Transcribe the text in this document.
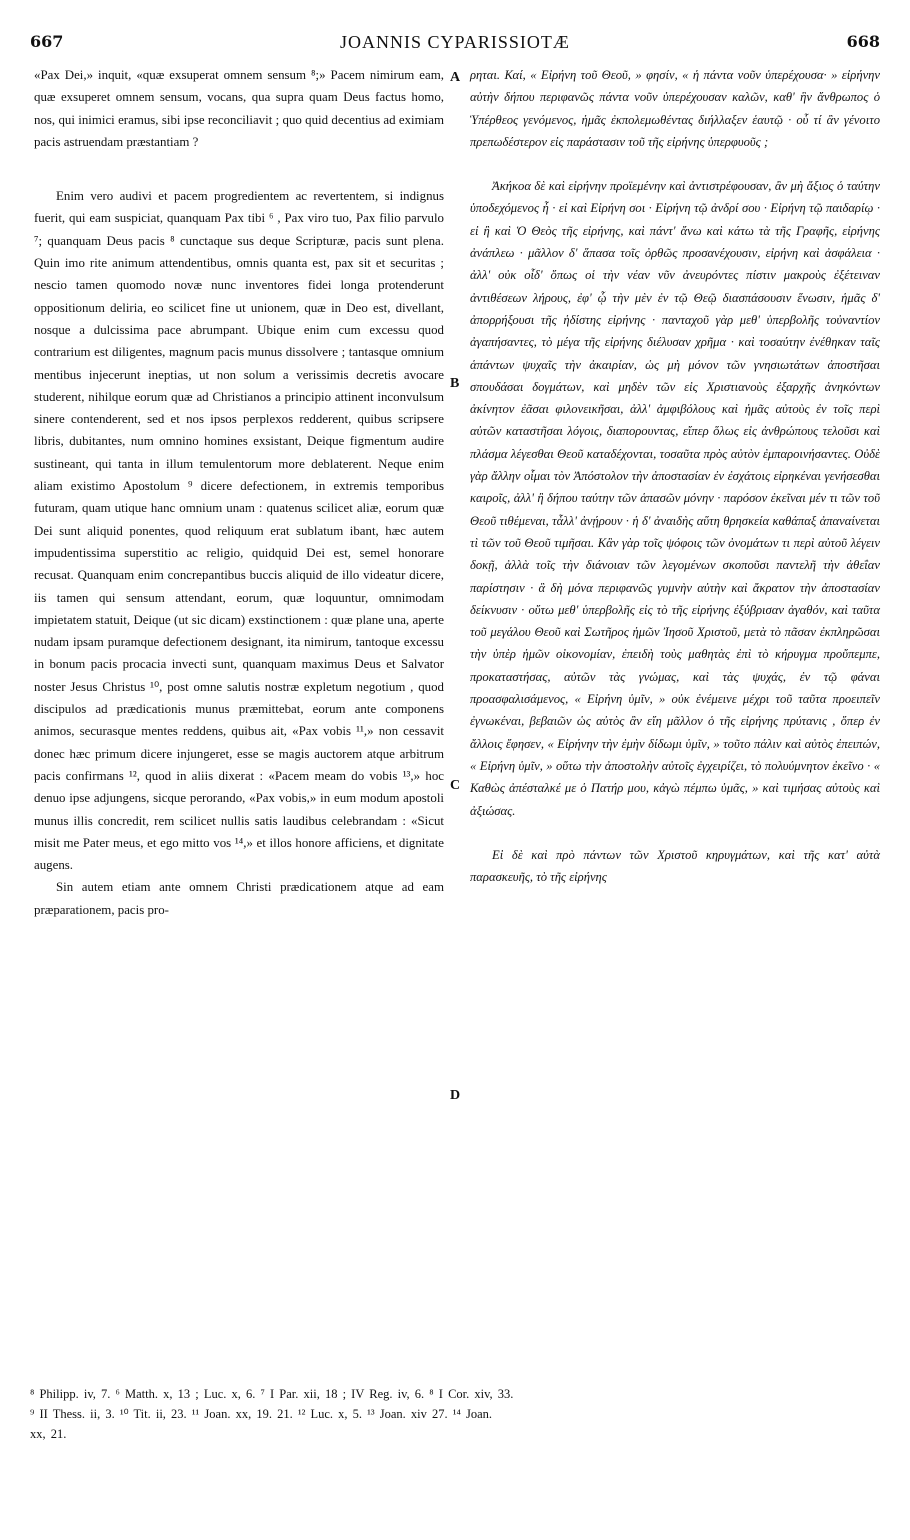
667	JOANNIS CYPARISSIOTÆ	668

«Pax Dei,» inquit, «quæ exsuperat omnem sensum ⁸;» Pacem nimirum eam, quæ exsuperet omnem sensum, vocans, qua supra quam Deus factus homo, nos, qui inimici eramus, sibi ipse reconciliavit ; quo quid decentius ad eximiam pacis astruendam præstantiam ?

Enim vero audivi et pacem progredientem ac revertentem, si indignus fuerit, qui eam suspiciat, quanquam Pax tibi ⁶ , Pax viro tuo, Pax filio parvulo ⁷; quanquam Deus pacis ⁸ cunctaque sus deque Scripturæ, pacis sunt plena. Quin imo rite animum attendentibus, omnis quanta est, pax sit et securitas ; nescio tamen quomodo novæ nunc inventores fidei longa protenderunt oppositionum deliria, eo scilicet fine ut unionem, quæ in Deo est, divellant, nosque a dulcissima pace abrumpant. Ubique enim cum excessu quod contrarium est diligentes, magnum pacis munus dissolvere ; tantasque omnium mentibus injecerunt ineptias, ut non solum a verissimis decretis avocare studerent, nihilque eorum quæ ad Christianos a principio attinent inconvulsum sinere contenderent, sed et nos ipsos perplexos redderent, quibus scripsere libris, dubitantes, num omnino homines exsistant, Deique figmentum audire sustineant, qui tanta in illum temulentorum more deblaterent. Neque enim aliam existimo Apostolum ⁹ dicere defectionem, in extremis temporibus futuram, quam utique hanc omnium unam : quatenus scilicet aliæ, eorum quæ Dei sunt aliquid ponentes, quod reliquum erat sublatum ibant, hæc autem impudentissima superstitio ac religio, quidquid Dei est, semel honorare recusat. Quanquam enim concrepantibus buccis aliquid de illo videatur dicere, iis tamen qui sensum attendant, eorum, quæ loquuntur, omnimodam impietatem statuit, Deique (ut sic dicam) exstinctionem : quæ plane una, aperte nudam ipsam puramque defectionem designant, ita nimirum, tantoque excessu in bonum pacis procacia invecti sunt, quanquam maximus Deus et Salvator noster Jesus Christus ¹⁰, post omne salutis nostræ expletum negotium , quod discipulos ad prædicationis munus præmittebat, eorum ante componens animos, securasque mentes reddens, quibus ait, «Pax vobis ¹¹,» non cessavit donec hæc primum dicere injungeret, esse se magis auctorem atque arbitrum pacis confirmans ¹², quod in aliis dixerat : «Pacem meam do vobis ¹³,» hoc denuo ipse adjungens, sicque perorando, «Pax vobis,» in eum modum apostoli munus illis concredit, rem scilicet nullis satis laudibus celebrandam : «Sicut misit me Pater meus, et ego mitto vos ¹⁴,» et illos honore afficiens, et dignitate augens.

Sin autem etiam ante omnem Christi prædicationem atque ad eam præparationem, pacis pro-

A
B
C
D

ρηται. Καί, « Εἰρήνη τοῦ Θεοῦ, » φησίν, « ἡ πάντα νοῦν ὑπερέχουσα· » εἰρήνην αὐτὴν δήπου περιφανῶς πάντα νοῦν ὑπερέχουσαν καλῶν, καθ' ἣν ἄνθρωπος ὁ Ὑπέρθεος γενόμενος, ἡμᾶς ἐκπολεμωθέντας διήλλαξεν ἑαυτῷ · οὗ τί ἂν γένοιτο πρεπωδέστερον εἰς παράστασιν τοῦ τῆς εἰρήνης ὑπερφυοῦς ;

Ἀκήκοα δὲ καὶ εἰρήνην προϊεμένην καὶ ἀντιστρέφουσαν, ἂν μὴ ἄξιος ὁ ταύτην ὑποδεχόμενος ἦ · εἰ καὶ Εἰρήνη σοι · Εἰρήνη τῷ ἀνδρί σου · Εἰρήνη τῷ παιδαρίῳ · εἰ ἢ καὶ Ὁ Θεὸς τῆς εἰρήνης, καὶ πάντ' ἄνω καὶ κάτω τὰ τῆς Γραφῆς, εἰρήνης ἀνάπλεω · μᾶλλον δ' ἅπασα τοῖς ὀρθῶς προσανέχουσιν, εἰρήνη καὶ ἀσφάλεια · ἀλλ' οὐκ οἶδ' ὅπως οἱ τὴν νέαν νῦν ἀνευρόντες πίστιν μακροὺς ἐξέτειναν ἀντιθέσεων λήρους, ἐφ' ᾧ τὴν μὲν ἐν τῷ Θεῷ διασπάσουσιν ἕνωσιν, ἡμᾶς δ' ἀπορρήξουσι τῆς ἡδίστης εἰρήνης · πανταχοῦ γὰρ μεθ' ὑπερβολῆς τοὐναντίον ἀγαπήσαντες, τὸ μέγα τῆς εἰρήνης διέλυσαν χρῆμα · καὶ τοσαύτην ἐνέθηκαν ταῖς ἁπάντων ψυχαῖς τὴν ἀκαιρίαν, ὡς μὴ μόνον τῶν γνησιωτάτων ἀποστῆσαι σπουδάσαι δογμάτων, καὶ μηδὲν τῶν εἰς Χριστιανοὺς ἐξαρχῆς ἀνηκόντων ἀκίνητον ἐᾶσαι φιλονεικῆσαι, ἀλλ' ἀμφιβόλους καὶ ἡμᾶς αὐτοὺς ἐν τοῖς περὶ αὐτῶν καταστῆσαι λόγοις, διαπορουντας, εἴπερ ὅλως εἰς ἀνθρώπους τελοῦσι καὶ πλάσμα λέγεσθαι Θεοῦ καταδέχονται, τοσαῦτα πρὸς αὐτὸν ἐμπαροινήσαντες. Οὐδὲ γὰρ ἄλλην οἶμαι τὸν Ἀπόστολον τὴν ἀποστασίαν ἐν ἐσχάτοις εἰρηκέναι γενήσεσθαι καιροῖς, ἀλλ' ἢ δήπου ταύτην τῶν ἁπασῶν μόνην · παρόσον ἐκεῖναι μέν τι τῶν τοῦ Θεοῦ τιθέμεναι, τἆλλ' ἀνῄρουν · ἡ δ' ἀναιδὴς αὕτη θρησκεία καθάπαξ ἀπαναίνεται τὶ τῶν τοῦ Θεοῦ τιμῆσαι. Κἂν γὰρ τοῖς ψόφοις τῶν ὀνομάτων τι περὶ αὐτοῦ λέγειν δοκῇ, ἀλλὰ τοῖς τὴν διάνοιαν τῶν λεγομένων σκοποῦσι παντελῆ τὴν ἀθεΐαν παρίστησιν · ἃ δὴ μόνα περιφανῶς γυμνὴν αὐτὴν καὶ ἄκρατον τὴν ἀποστασίαν δείκνυσιν · οὕτω μεθ' ὑπερβολῆς εἰς τὸ τῆς εἰρήνης ἐξύβρισαν ἀγαθόν, καὶ ταῦτα τοῦ μεγάλου Θεοῦ καὶ Σωτῆρος ἡμῶν Ἰησοῦ Χριστοῦ, μετὰ τὸ πᾶσαν ἐκπληρῶσαι τὴν ὑπὲρ ἡμῶν οἰκονομίαν, ἐπειδὴ τοὺς μαθητὰς ἐπὶ τὸ κήρυγμα προὔπεμπε, προκαταστήσας, αὐτῶν τὰς γνώμας, καὶ τὰς ψυχάς, ἐν τῷ φάναι προασφαλισάμενος, « Εἰρήνη ὑμῖν, » οὐκ ἐνέμεινε μέχρι τοῦ ταῦτα προειπεῖν ἐγνωκέναι, βεβαιῶν ὡς αὐτὸς ἂν εἴη μᾶλλον ὁ τῆς εἰρήνης πρύτανις , ὅπερ ἐν ἄλλοις ἔφησεν, « Εἰρήνην τὴν ἐμὴν δίδωμι ὑμῖν, » τοῦτο πάλιν καὶ αὐτὸς ἐπειπών, « Εἰρήνη ὑμῖν, » οὕτω τὴν ἀποστολὴν αὐτοῖς ἐγχειρίζει, τὸ πολυύμνητον ἐκεῖνο · « Καθὼς ἀπέσταλκέ με ὁ Πατήρ μου, κἀγὼ πέμπω ὑμᾶς, » καὶ τιμήσας αὐτοὺς καὶ ἀξιώσας.

Εἰ δὲ καὶ πρὸ πάντων τῶν Χριστοῦ κηρυγμάτων, καὶ τῆς κατ' αὐτὰ παρασκευῆς, τὸ τῆς εἰρήνης

⁸ Philipp. iv, 7. ⁶ Matth. x, 13 ; Luc. x, 6. ⁷ I Par. xii, 18 ; IV Reg. iv, 6. ⁸ I Cor. xiv, 33.

⁹ II Thess. ii, 3. ¹⁰ Tit. ii, 23. ¹¹ Joan. xx, 19. 21. ¹² Luc. x, 5. ¹³ Joan. xiv 27. ¹⁴ Joan.

xx, 21.
